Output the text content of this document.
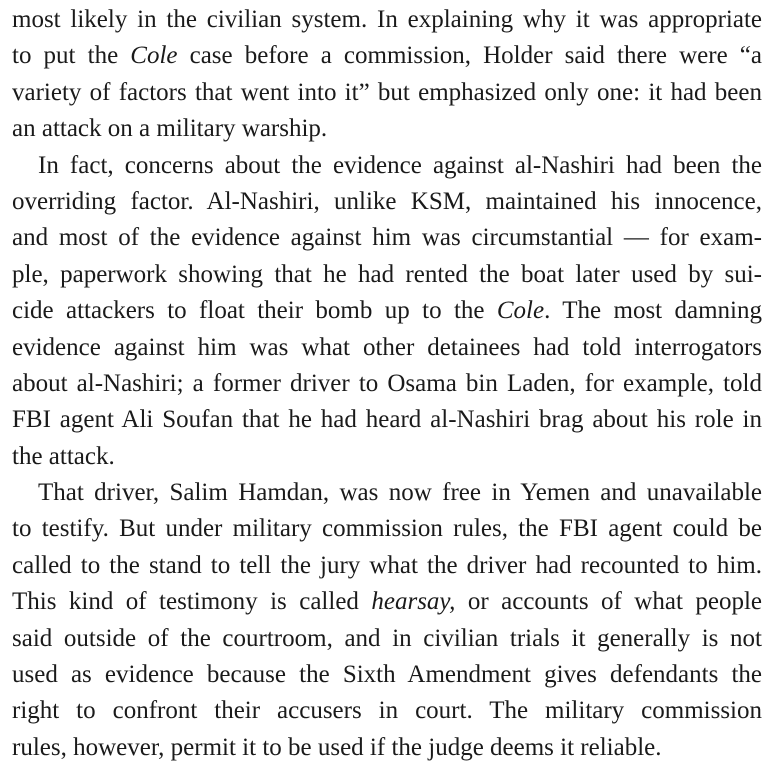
most likely in the civilian system. In explaining why it was appropriate
to put the Cole case before a commission, Holder said there were “a
variety of factors that went into it” but emphasized only one: it had been
an attack on a military warship.
In fact, concerns about the evidence against al-Nashiri had been the
overriding factor. Al-Nashiri, unlike KSM, maintained his innocence,
and most of the evidence against him was circumstantial — for exam-
ple, paperwork showing that he had rented the boat later used by sui-
cide attackers to float their bomb up to the Cole. The most damning
evidence against him was what other detainees had told interrogators
about al-Nashiri; a former driver to Osama bin Laden, for example, told
FBI agent Ali Soufan that he had heard al-Nashiri brag about his role in
the attack.
That driver, Salim Hamdan, was now free in Yemen and unavailable
to testify. But under military commission rules, the FBI agent could be
called to the stand to tell the jury what the driver had recounted to him.
This kind of testimony is called hearsay, or accounts of what people
said outside of the courtroom, and in civilian trials it generally is not
used as evidence because the Sixth Amendment gives defendants the
right to confront their accusers in court. The military commission
rules, however, permit it to be used if the judge deems it reliable.
